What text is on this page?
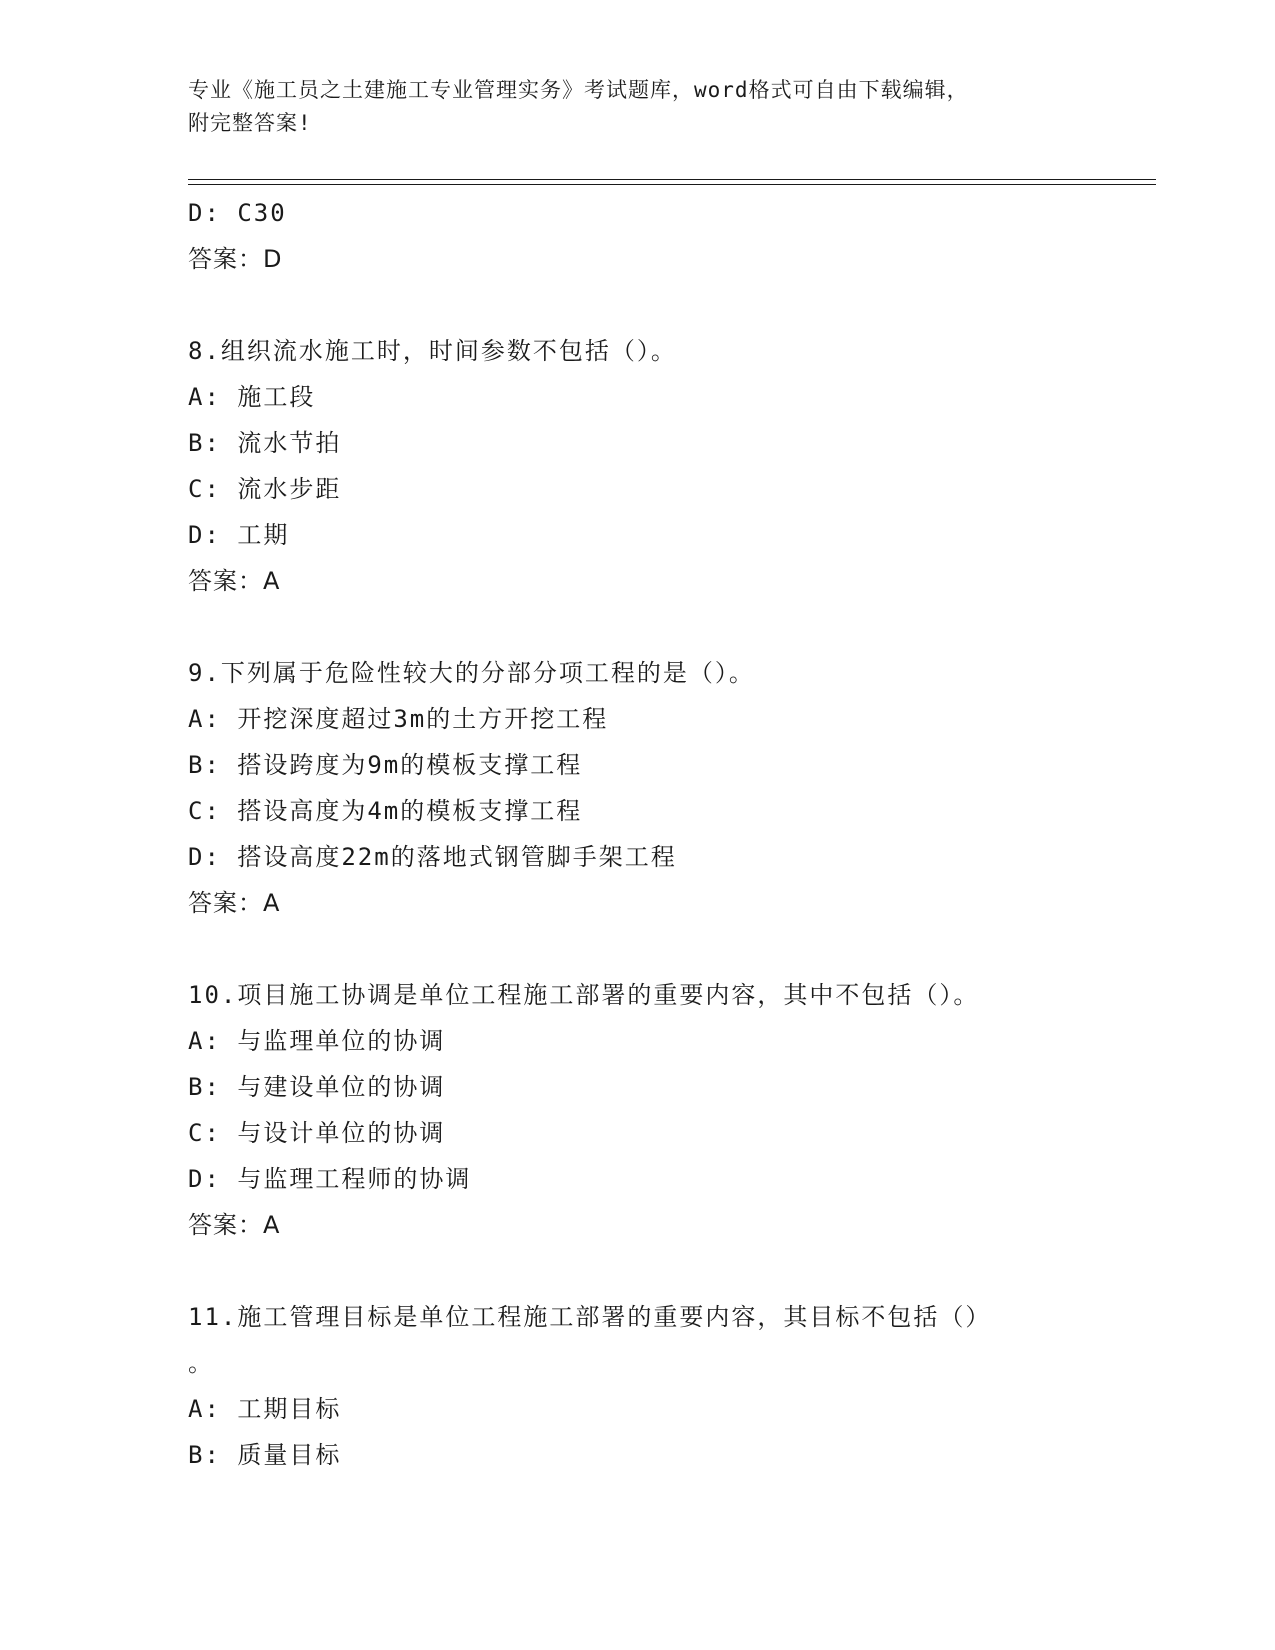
专业《施工员之土建施工专业管理实务》考试题库，word格式可自由下载编辑，
附完整答案!
D: C30
答案：D
8.组织流水施工时，时间参数不包括（）。
A: 施工段
B: 流水节拍
C: 流水步距
D: 工期
答案：A
9.下列属于危险性较大的分部分项工程的是（）。
A: 开挖深度超过3m的土方开挖工程
B: 搭设跨度为9m的模板支撑工程
C: 搭设高度为4m的模板支撑工程
D: 搭设高度22m的落地式钢管脚手架工程
答案：A
10.项目施工协调是单位工程施工部署的重要内容，其中不包括（）。
A: 与监理单位的协调
B: 与建设单位的协调
C: 与设计单位的协调
D: 与监理工程师的协调
答案：A
11.施工管理目标是单位工程施工部署的重要内容，其目标不包括（）
。
A: 工期目标
B: 质量目标
